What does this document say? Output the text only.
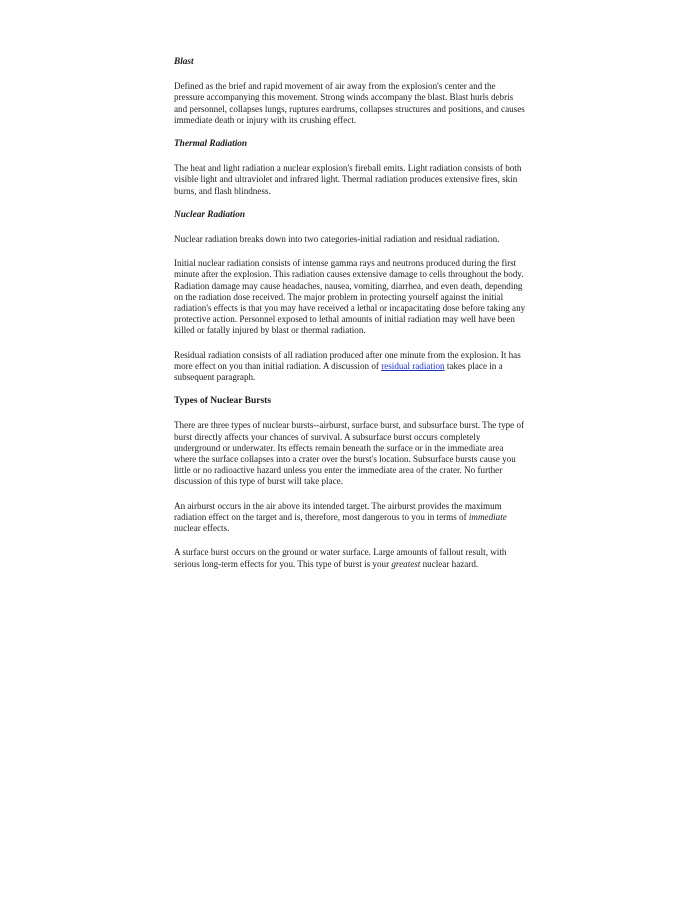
Blast

Defined as the brief and rapid movement of air away from the explosion's center and the pressure accompanying this movement. Strong winds accompany the blast. Blast hurls debris and personnel, collapses lungs, ruptures eardrums, collapses structures and positions, and causes immediate death or injury with its crushing effect.

Thermal Radiation

The heat and light radiation a nuclear explosion's fireball emits. Light radiation consists of both visible light and ultraviolet and infrared light. Thermal radiation produces extensive fires, skin burns, and flash blindness.

Nuclear Radiation

Nuclear radiation breaks down into two categories-initial radiation and residual radiation.

Initial nuclear radiation consists of intense gamma rays and neutrons produced during the first minute after the explosion. This radiation causes extensive damage to cells throughout the body. Radiation damage may cause headaches, nausea, vomiting, diarrhea, and even death, depending on the radiation dose received. The major problem in protecting yourself against the initial radiation's effects is that you may have received a lethal or incapacitating dose before taking any protective action. Personnel exposed to lethal amounts of initial radiation may well have been killed or fatally injured by blast or thermal radiation.

Residual radiation consists of all radiation produced after one minute from the explosion. It has more effect on you than initial radiation. A discussion of residual radiation takes place in a subsequent paragraph.

Types of Nuclear Bursts

There are three types of nuclear bursts--airburst, surface burst, and subsurface burst. The type of burst directly affects your chances of survival. A subsurface burst occurs completely underground or underwater. Its effects remain beneath the surface or in the immediate area where the surface collapses into a crater over the burst's location. Subsurface bursts cause you little or no radioactive hazard unless you enter the immediate area of the crater. No further discussion of this type of burst will take place.

An airburst occurs in the air above its intended target. The airburst provides the maximum radiation effect on the target and is, therefore, most dangerous to you in terms of immediate nuclear effects.

A surface burst occurs on the ground or water surface. Large amounts of fallout result, with serious long-term effects for you. This type of burst is your greatest nuclear hazard.
